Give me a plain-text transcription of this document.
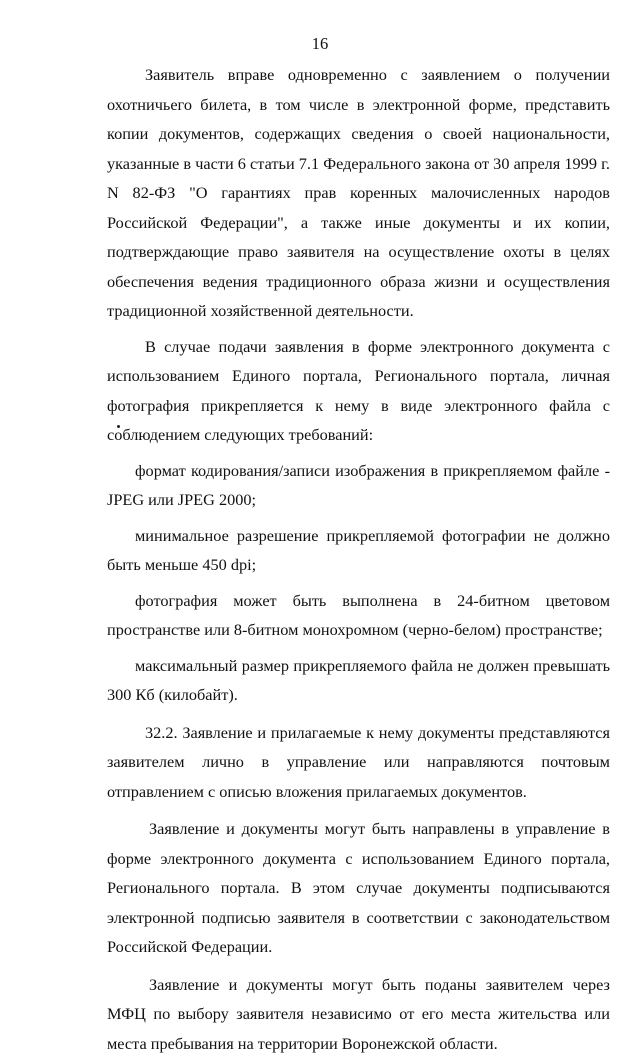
16

Заявитель вправе одновременно с заявлением о получении охотничьего билета, в том числе в электронной форме, представить копии документов, содержащих сведения о своей национальности, указанные в части 6 статьи 7.1 Федерального закона от 30 апреля 1999 г. N 82-ФЗ "О гарантиях прав коренных малочисленных народов Российской Федерации", а также иные документы и их копии, подтверждающие право заявителя на осуществление охоты в целях обеспечения ведения традиционного образа жизни и осуществления традиционной хозяйственной деятельности.

В случае подачи заявления в форме электронного документа с использованием Единого портала, Регионального портала, личная фотография прикрепляется к нему в виде электронного файла с соблюдением следующих требований:

формат кодирования/записи изображения в прикрепляемом файле - JPEG или JPEG 2000;

минимальное разрешение прикрепляемой фотографии не должно быть меньше 450 dpi;

фотография может быть выполнена в 24-битном цветовом пространстве или 8-битном монохромном (черно-белом) пространстве;

максимальный размер прикрепляемого файла не должен превышать 300 Кб (килобайт).

32.2. Заявление и прилагаемые к нему документы представляются заявителем лично в управление или направляются почтовым отправлением с описью вложения прилагаемых документов.

Заявление и документы могут быть направлены в управление в форме электронного документа с использованием Единого портала, Регионального портала. В этом случае документы подписываются электронной подписью заявителя в соответствии с законодательством Российской Федерации.

Заявление и документы могут быть поданы заявителем через МФЦ по выбору заявителя независимо от его места жительства или места пребывания на территории Воронежской области.
